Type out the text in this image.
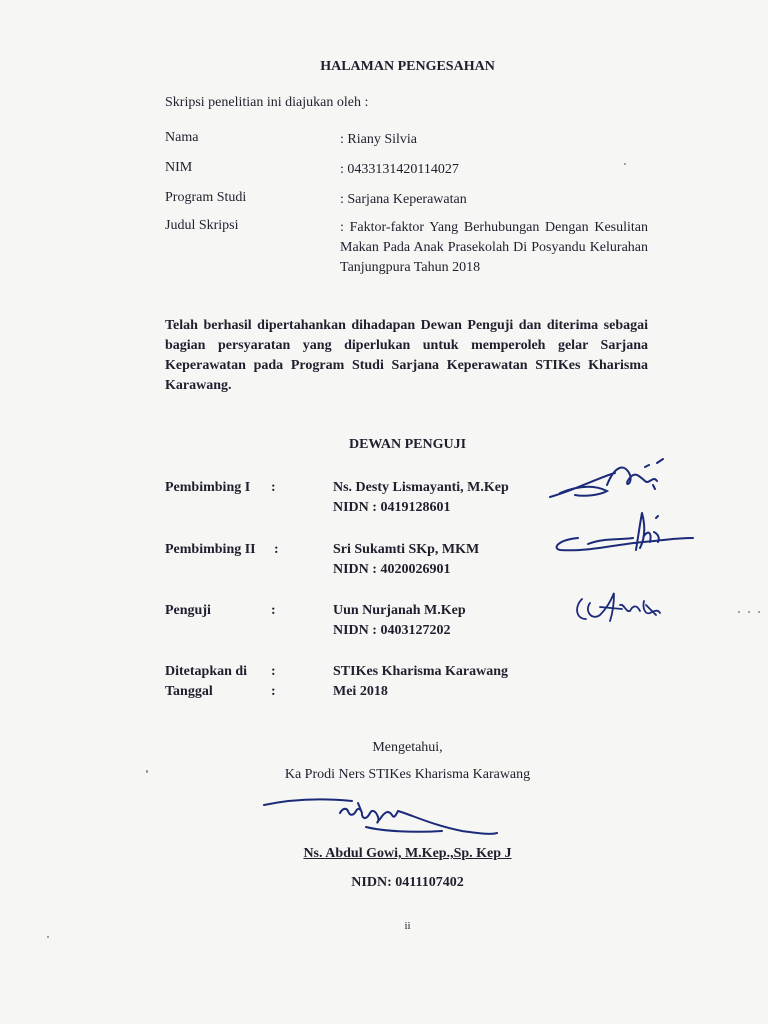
HALAMAN PENGESAHAN
Skripsi penelitian ini diajukan oleh :
Nama	: Riany Silvia
NIM	: 0433131420114027
Program Studi	: Sarjana Keperawatan
Judul Skripsi	: Faktor-faktor Yang Berhubungan Dengan Kesulitan Makan Pada Anak Prasekolah Di Posyandu Kelurahan Tanjungpura Tahun 2018
Telah berhasil dipertahankan dihadapan Dewan Penguji dan diterima sebagai bagian persyaratan yang diperlukan untuk memperoleh gelar Sarjana Keperawatan pada Program Studi Sarjana Keperawatan STIKes Kharisma Karawang.
DEWAN PENGUJI
Pembimbing I :	Ns. Desty Lismayanti, M.Kep
NIDN : 0419128601
Pembimbing II :	Sri Sukamti SKp, MKM
NIDN : 4020026901
Penguji	:	Uun Nurjanah M.Kep
NIDN : 0403127202
Ditetapkan di :	STIKes Kharisma Karawang
Tanggal	:	Mei 2018
Mengetahui,
Ka Prodi Ners STIKes Kharisma Karawang
Ns. Abdul Gowi, M.Kep.,Sp. Kep J
NIDN: 0411107402
ii
